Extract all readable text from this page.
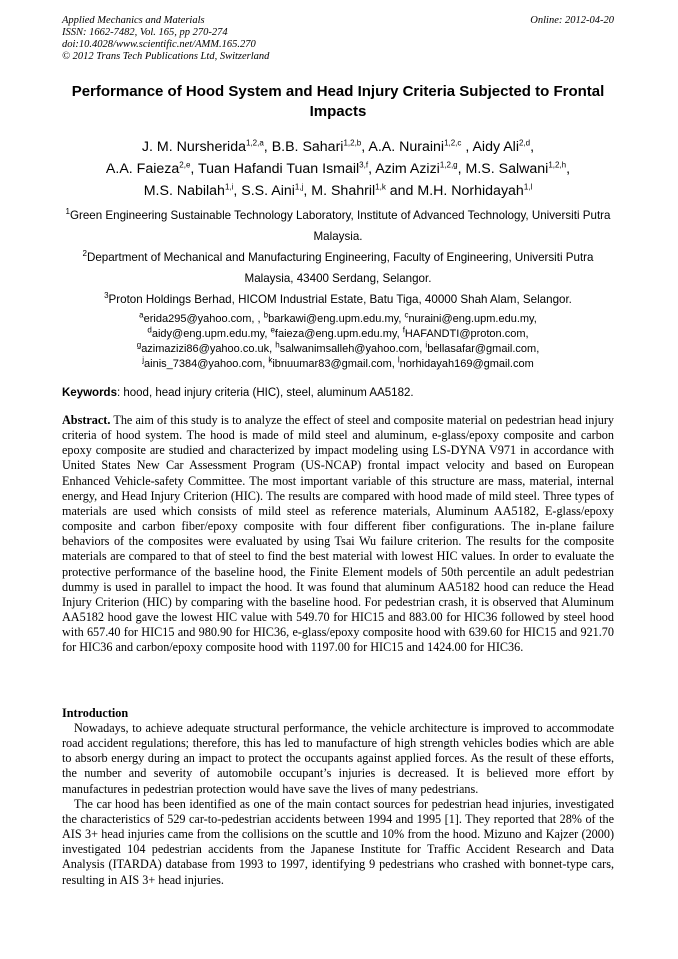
Applied Mechanics and Materials
ISSN: 1662-7482, Vol. 165, pp 270-274
doi:10.4028/www.scientific.net/AMM.165.270
© 2012 Trans Tech Publications Ltd, Switzerland
Online: 2012-04-20
Performance of Hood System and Head Injury Criteria Subjected to Frontal Impacts
J. M. Nursherida$^{1,2,a}$, B.B. Sahari$^{1,2,b}$, A.A. Nuraini$^{1,2,c}$ , Aidy Ali$^{2,d}$,
A.A. Faieza$^{2,e}$, Tuan Hafandi Tuan Ismail$^{3,f}$, Azim Azizi$^{1,2,g}$, M.S. Salwani$^{1,2,h}$,
M.S. Nabilah$^{1,i}$, S.S. Aini$^{1,j}$, M. Shahril$^{1,k}$ and M.H. Norhidayah$^{1,l}$
$^1$Green Engineering Sustainable Technology Laboratory, Institute of Advanced Technology, Universiti Putra Malaysia.
$^2$Department of Mechanical and Manufacturing Engineering, Faculty of Engineering, Universiti Putra Malaysia, 43400 Serdang, Selangor.
$^3$Proton Holdings Berhad, HICOM Industrial Estate, Batu Tiga, 40000 Shah Alam, Selangor.
$^a$erida295@yahoo.com, , $^b$barkawi@eng.upm.edu.my, $^c$nuraini@eng.upm.edu.my,
$^d$aidy@eng.upm.edu.my, $^e$faieza@eng.upm.edu.my, $^f$HAFANDTI@proton.com,
$^g$azimazizi86@yahoo.co.uk, $^h$salwanimsalleh@yahoo.com, $^i$bellasafar@gmail.com,
$^j$ainis_7384@yahoo.com, $^k$ibnuumar83@gmail.com, $^l$norhidayah169@gmail.com
Keywords: hood, head injury criteria (HIC), steel, aluminum AA5182.
Abstract. The aim of this study is to analyze the effect of steel and composite material on pedestrian head injury criteria of hood system. The hood is made of mild steel and aluminum, e-glass/epoxy composite and carbon epoxy composite are studied and characterized by impact modeling using LS-DYNA V971 in accordance with United States New Car Assessment Program (US-NCAP) frontal impact velocity and based on European Enhanced Vehicle-safety Committee. The most important variable of this structure are mass, material, internal energy, and Head Injury Criterion (HIC). The results are compared with hood made of mild steel. Three types of materials are used which consists of mild steel as reference materials, Aluminum AA5182, E-glass/epoxy composite and carbon fiber/epoxy composite with four different fiber configurations. The in-plane failure behaviors of the composites were evaluated by using Tsai Wu failure criterion. The results for the composite materials are compared to that of steel to find the best material with lowest HIC values. In order to evaluate the protective performance of the baseline hood, the Finite Element models of 50th percentile an adult pedestrian dummy is used in parallel to impact the hood. It was found that aluminum AA5182 hood can reduce the Head Injury Criterion (HIC) by comparing with the baseline hood. For pedestrian crash, it is observed that Aluminum AA5182 hood gave the lowest HIC value with 549.70 for HIC15 and 883.00 for HIC36 followed by steel hood with 657.40 for HIC15 and 980.90 for HIC36, e-glass/epoxy composite hood with 639.60 for HIC15 and 921.70 for HIC36 and carbon/epoxy composite hood with 1197.00 for HIC15 and 1424.00 for HIC36.
Introduction

Nowadays, to achieve adequate structural performance, the vehicle architecture is improved to accommodate road accident regulations; therefore, this has led to manufacture of high strength vehicles bodies which are able to absorb energy during an impact to protect the occupants against applied forces. As the result of these efforts, the number and severity of automobile occupant’s injuries is decreased. It is believed more effort by manufactures in pedestrian protection would have save the lives of many pedestrians.

The car hood has been identified as one of the main contact sources for pedestrian head injuries, investigated the characteristics of 529 car-to-pedestrian accidents between 1994 and 1995 [1]. They reported that 28% of the AIS 3+ head injuries came from the collisions on the scuttle and 10% from the hood. Mizuno and Kajzer (2000) investigated 104 pedestrian accidents from the Japanese Institute for Traffic Accident Research and Data Analysis (ITARDA) database from 1993 to 1997, identifying 9 pedestrians who crashed with bonnet-type cars, resulting in AIS 3+ head injuries.
